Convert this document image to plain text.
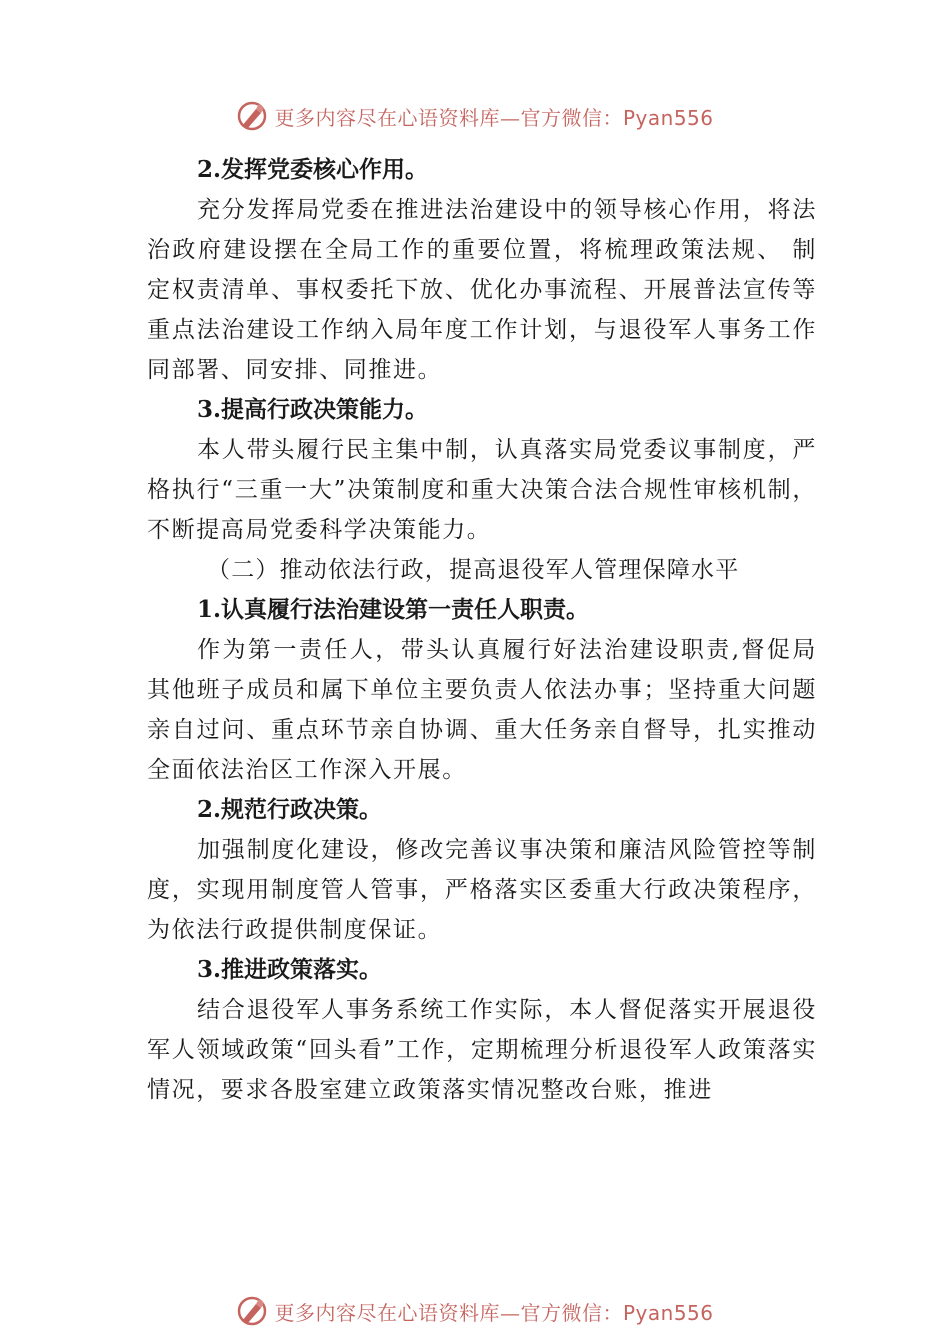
更多内容尽在心语资料库—官方微信：Pyan556

2.发挥党委核心作用。

充分发挥局党委在推进法治建设中的领导核心作用，将法治政府建设摆在全局工作的重要位置，将梳理政策法规、 制定权责清单、事权委托下放、优化办事流程、开展普法宣传等重点法治建设工作纳入局年度工作计划，与退役军人事务工作同部署、同安排、同推进。

3.提高行政决策能力。

本人带头履行民主集中制，认真落实局党委议事制度，严格执行“三重一大”决策制度和重大决策合法合规性审核机制，不断提高局党委科学决策能力。

（二）推动依法行政，提高退役军人管理保障水平

1.认真履行法治建设第一责任人职责。

作为第一责任人，带头认真履行好法治建设职责,督促局其他班子成员和属下单位主要负责人依法办事；坚持重大问题亲自过问、重点环节亲自协调、重大任务亲自督导，扎实推动全面依法治区工作深入开展。

2.规范行政决策。

加强制度化建设，修改完善议事决策和廉洁风险管控等制度，实现用制度管人管事，严格落实区委重大行政决策程序，为依法行政提供制度保证。

3.推进政策落实。

结合退役军人事务系统工作实际，本人督促落实开展退役军人领域政策“回头看”工作，定期梳理分析退役军人政策落实情况，要求各股室建立政策落实情况整改台账，推进

更多内容尽在心语资料库—官方微信：Pyan556
